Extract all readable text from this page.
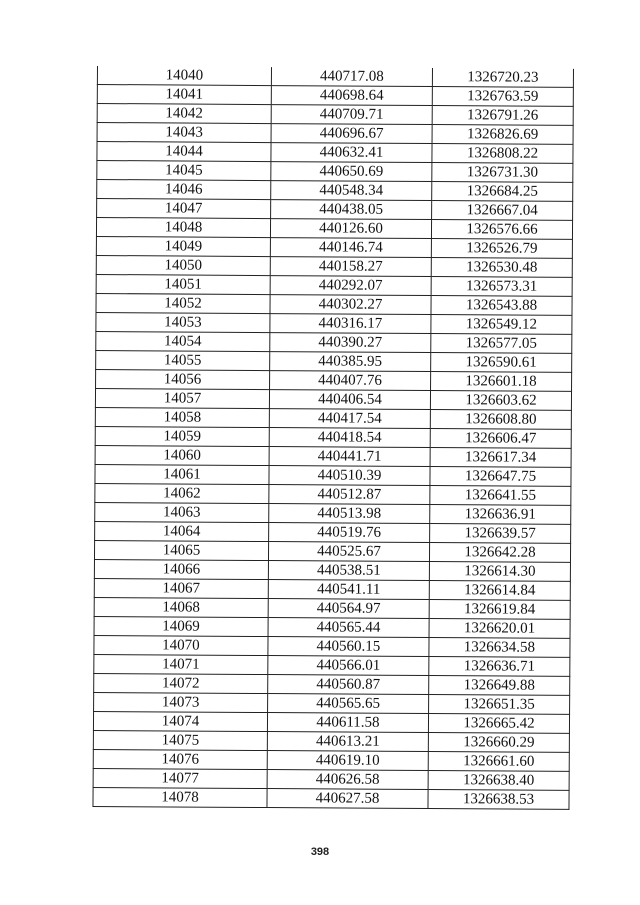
14040	440717.08	1326720.23
14041	440698.64	1326763.59
14042	440709.71	1326791.26
14043	440696.67	1326826.69
14044	440632.41	1326808.22
14045	440650.69	1326731.30
14046	440548.34	1326684.25
14047	440438.05	1326667.04
14048	440126.60	1326576.66
14049	440146.74	1326526.79
14050	440158.27	1326530.48
14051	440292.07	1326573.31
14052	440302.27	1326543.88
14053	440316.17	1326549.12
14054	440390.27	1326577.05
14055	440385.95	1326590.61
14056	440407.76	1326601.18
14057	440406.54	1326603.62
14058	440417.54	1326608.80
14059	440418.54	1326606.47
14060	440441.71	1326617.34
14061	440510.39	1326647.75
14062	440512.87	1326641.55
14063	440513.98	1326636.91
14064	440519.76	1326639.57
14065	440525.67	1326642.28
14066	440538.51	1326614.30
14067	440541.11	1326614.84
14068	440564.97	1326619.84
14069	440565.44	1326620.01
14070	440560.15	1326634.58
14071	440566.01	1326636.71
14072	440560.87	1326649.88
14073	440565.65	1326651.35
14074	440611.58	1326665.42
14075	440613.21	1326660.29
14076	440619.10	1326661.60
14077	440626.58	1326638.40
14078	440627.58	1326638.53
398
